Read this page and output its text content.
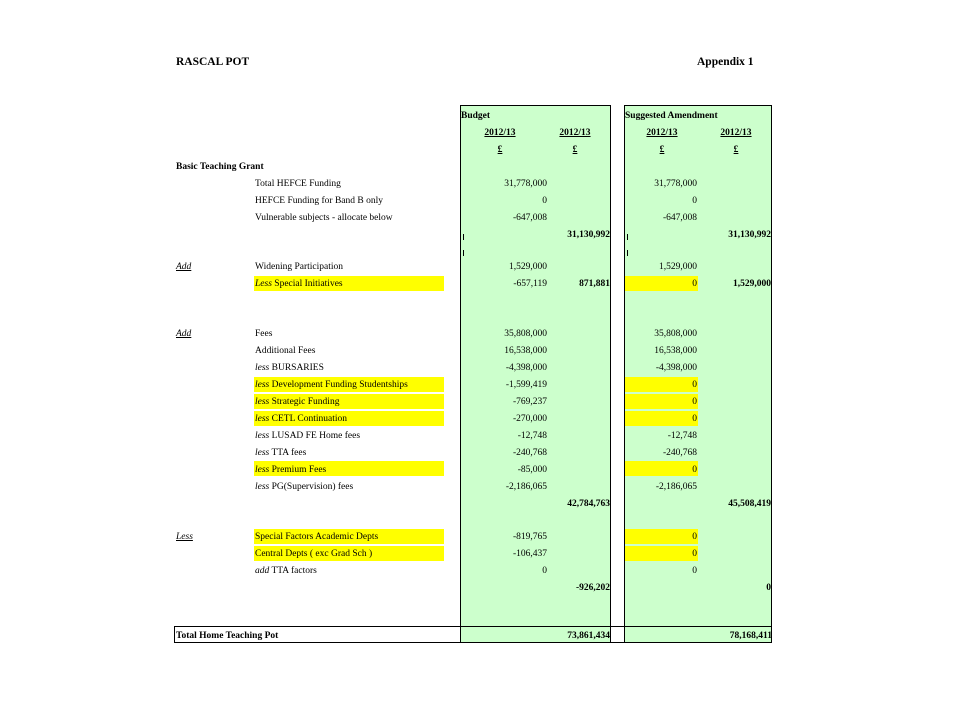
RASCAL POT	Appendix 1
Budget	Suggested Amendment
2012/13	2012/13	2012/13	2012/13
£	£	£	£
Basic Teaching Grant
Total HEFCE Funding	31,778,000	31,778,000
HEFCE Funding for Band B only	0	0
Vulnerable subjects - allocate below	-647,008	-647,008
31,130,992	31,130,992
Add	Widening Participation	1,529,000	1,529,000
Less Special Initiatives	-657,119	871,881	0	1,529,000
Add	Fees	35,808,000	35,808,000
Additional Fees	16,538,000	16,538,000
less BURSARIES	-4,398,000	-4,398,000
less Development Funding Studentships	-1,599,419	0
less Strategic Funding	-769,237	0
less CETL Continuation	-270,000	0
less LUSAD FE Home fees	-12,748	-12,748
less TTA fees	-240,768	-240,768
less Premium Fees	-85,000	0
less PG(Supervision) fees	-2,186,065	-2,186,065
42,784,763	45,508,419
Less	Special Factors Academic Depts	-819,765	0
Central Depts ( exc Grad Sch )	-106,437	0
add TTA factors	0	0
-926,202	0
Total Home Teaching Pot	73,861,434	78,168,411
